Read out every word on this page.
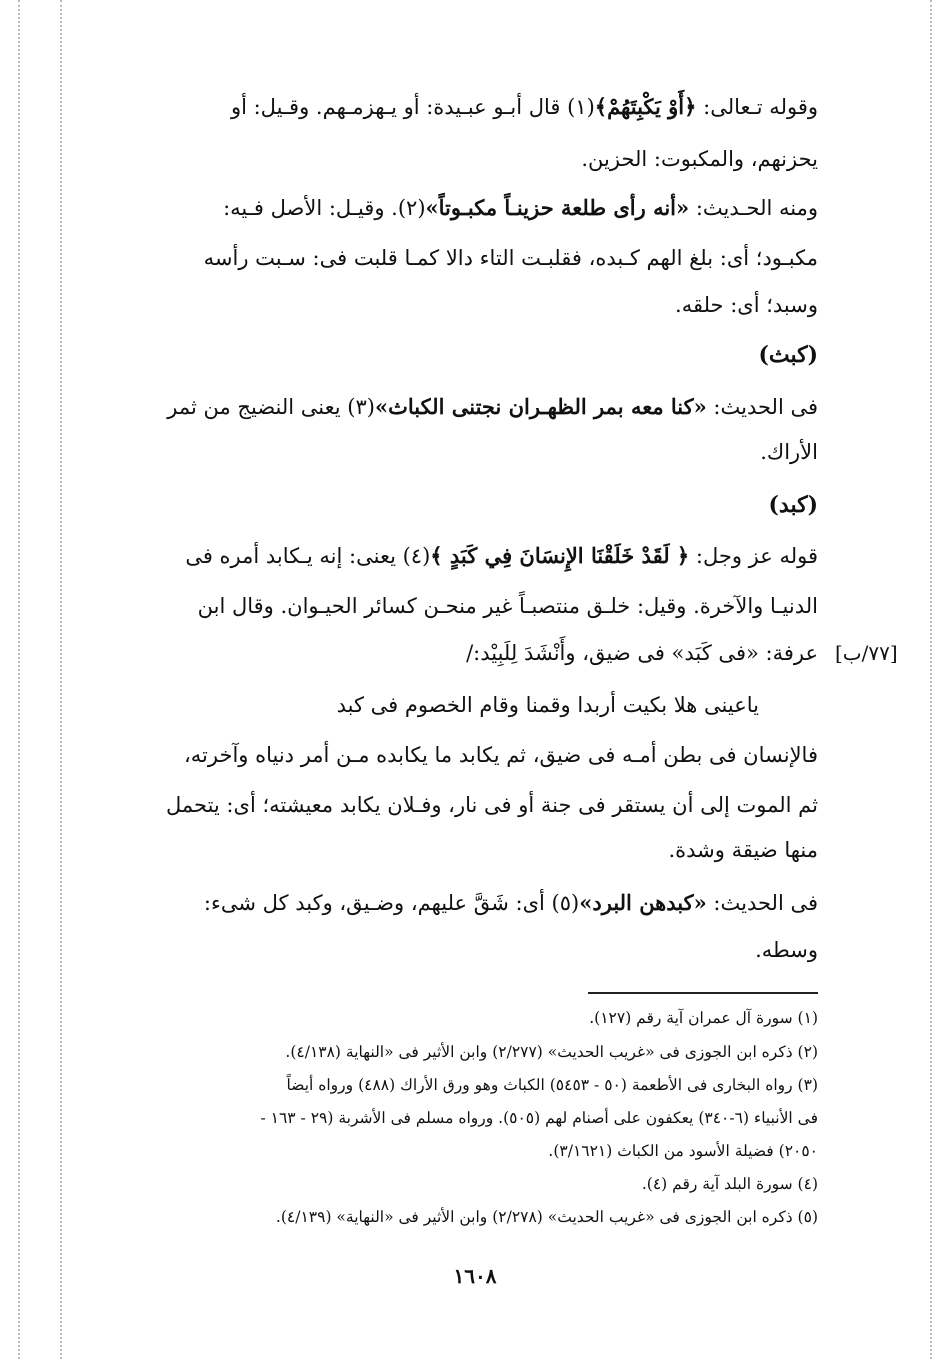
وقوله تـعالى: ﴿أَوْ يَكْبِتَهُمْ﴾(١) قال أبـو عبـيدة: أو يـهزمـهم. وقـيل: أو
يحزنهم، والمكبوت: الحزين.
ومنه الحـديث: «أنه رأى طلعة حزينـاً مكبـوتاً»(٢). وقيـل: الأصل فـيه:
مكبـود؛ أى: بلغ الهم كـبده، فقلبـت التاء دالا كمـا قلبت فى: سـبت رأسه
وسبد؛ أى: حلقه.
(كبث)
فى الحديث: «كنا معه بمر الظهـران نجتنى الكباث»(٣) يعنى النضيج من ثمر
الأراك.
(كبد)
قوله عز وجل: ﴿ لَقَدْ خَلَقْنَا الإِنسَانَ فِي كَبَدٍ ﴾(٤) يعنى: إنه يـكابد أمره فى
الدنيـا والآخرة. وقيل: خلـق منتصبـاً غير منحـن كسائر الحيـوان. وقال ابن
عرفة: «فى كَبَد» فى ضيق، وأَنْشَدَ لِلَبِيْد:/ [٧٧/ب]
ياعينى هلا بكيت أربدا وقمنا وقام الخصوم فى كبد
فالإنسان فى بطن أمـه فى ضيق، ثم يكابد ما يكابده مـن أمر دنياه وآخرته،
ثم الموت إلى أن يستقر فى جنة أو فى نار، وفـلان يكابد معيشته؛ أى: يتحمل
منها ضيقة وشدة.
فى الحديث: «كبدهن البرد»(٥) أى: شَقَّ عليهم، وضـيق، وكبد كل شىء:
وسطه.
(١) سورة آل عمران آية رقم (١٢٧).
(٢) ذكره ابن الجوزى فى «غريب الحديث» (٢/٢٧٧) وابن الأثير فى «النهاية (٤/١٣٨).
(٣) رواه البخارى فى الأطعمة (٥٠ - ٥٤٥٣) الكباث وهو ورق الأراك (٤٨٨) ورواه أيضاً
فى الأنبياء (٦-٣٤٠) يعكفون على أصنام لهم (٥٠٥). ورواه مسلم فى الأشربة (٢٩ - ١٦٣ -
٢٠٥٠) فضيلة الأسود من الكباث (٣/١٦٢١).
(٤) سورة البلد آية رقم (٤).
(٥) ذكره ابن الجوزى فى «غريب الحديث» (٢/٢٧٨) وابن الأثير فى «النهاية» (٤/١٣٩).
١٦٠٨
